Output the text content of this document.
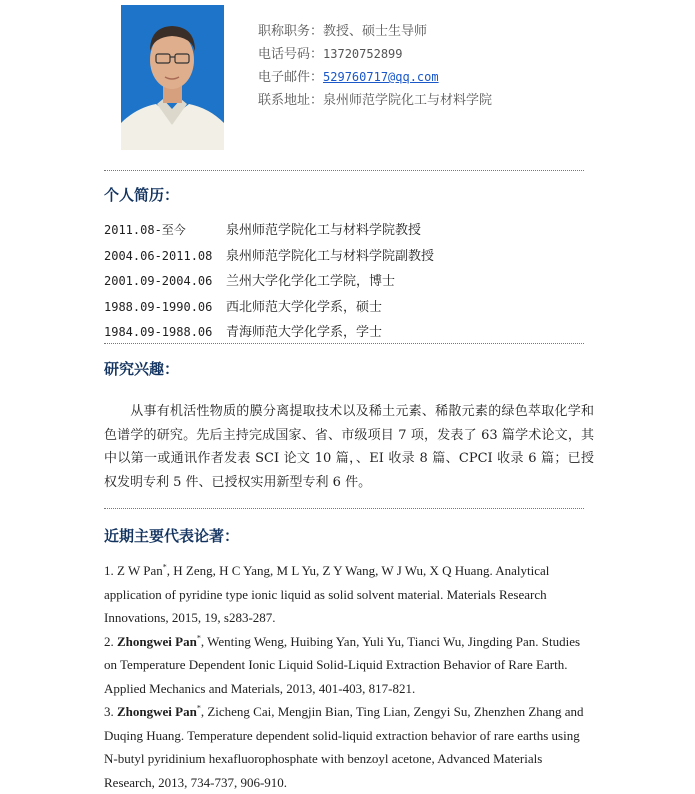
职称职务：教授、硕士生导师
电话号码：13720752899
电子邮件：529760717@qq.com
联系地址：泉州师范学院化工与材料学院
个人简历：
2011.08-至今	泉州师范学院化工与材料学院教授
2004.06-2011.08 泉州师范学院化工与材料学院副教授
2001.09-2004.06 兰州大学化学化工学院，博士
1988.09-1990.06 西北师范大学化学系，硕士
1984.09-1988.06 青海师范大学化学系，学士
研究兴趣：
从事有机活性物质的膜分离提取技术以及稀土元素、稀散元素的绿色萃取化学和色谱学的研究。先后主持完成国家、省、市级项目 7 项，发表了 63 篇学术论文，其中以第一或通讯作者发表 SCI 论文 10 篇，、EI 收录 8 篇、CPCI 收录 6 篇；已授权发明专利 5 件、已授权实用新型专利 6 件。
近期主要代表论著：

1. Z W Pan*, H Zeng, H C Yang, M L Yu, Z Y Wang, W J Wu, X Q Huang. Analytical application of pyridine type ionic liquid as solid solvent material. Materials Research Innovations, 2015, 19, s283-287.

2. Zhongwei Pan*, Wenting Weng, Huibing Yan, Yuli Yu, Tianci Wu, Jingding Pan. Studies on Temperature Dependent Ionic Liquid Solid-Liquid Extraction Behavior of Rare Earth. Applied Mechanics and Materials, 2013, 401-403, 817-821.

3. Zhongwei Pan*, Zicheng Cai, Mengjin Bian, Ting Lian, Zengyi Su, Zhenzhen Zhang and Duqing Huang. Temperature dependent solid-liquid extraction behavior of rare earths using N-butyl pyridinium hexafluorophosphate with benzoyl acetone, Advanced Materials Research, 2013, 734-737, 906-910.
